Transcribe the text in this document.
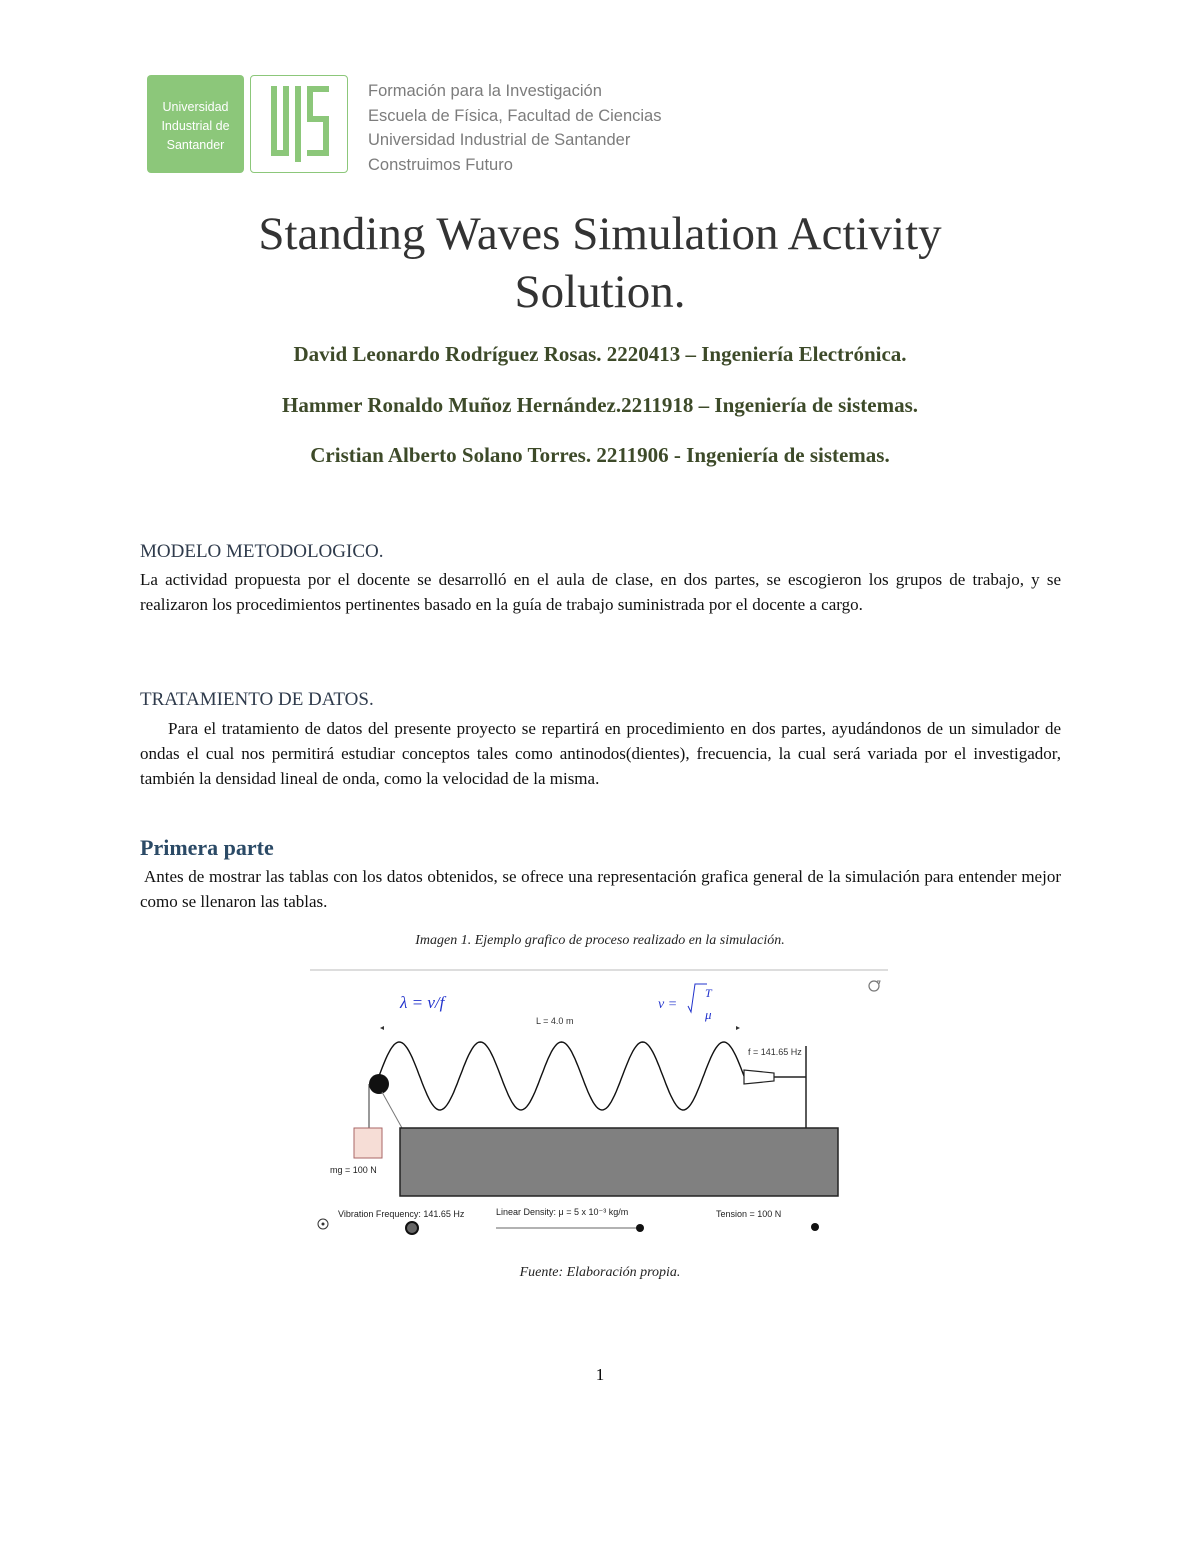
Universidad
Industrial de
Santander
Formación para la Investigación
Escuela de Física, Facultad de Ciencias
Universidad Industrial de Santander
Construimos Futuro
Standing Waves Simulation Activity
Solution.
David Leonardo Rodríguez Rosas. 2220413 – Ingeniería Electrónica.
Hammer Ronaldo Muñoz Hernández.2211918 – Ingeniería de sistemas.
Cristian Alberto Solano Torres. 2211906 - Ingeniería de sistemas.
MODELO METODOLOGICO.

La actividad propuesta por el docente se desarrolló en el aula de clase, en dos partes, se escogieron los grupos de trabajo, y se realizaron los procedimientos pertinentes basado en la guía de trabajo suministrada por el docente a cargo.

TRATAMIENTO DE DATOS.

Para el tratamiento de datos del presente proyecto se repartirá en procedimiento en dos partes, ayudándonos de un simulador de ondas el cual nos permitirá estudiar conceptos tales como antinodos(dientes), frecuencia, la cual será variada por el investigador, también la densidad lineal de onda, como la velocidad de la misma.

Primera parte

Antes de mostrar las tablas con los datos obtenidos, se ofrece una representación grafica general de la simulación para entender mejor como se llenaron las tablas.

Imagen 1. Ejemplo grafico de proceso realizado en la simulación.
λ = v/f	v =
T
μ
L = 4.0 m
f = 141.65 Hz
mg = 100 N
Vibration Frequency: 141.65 Hz	Linear Density: μ = 5 x 10⁻³ kg/m	Tension = 100 N
Fuente: Elaboración propia.
1
